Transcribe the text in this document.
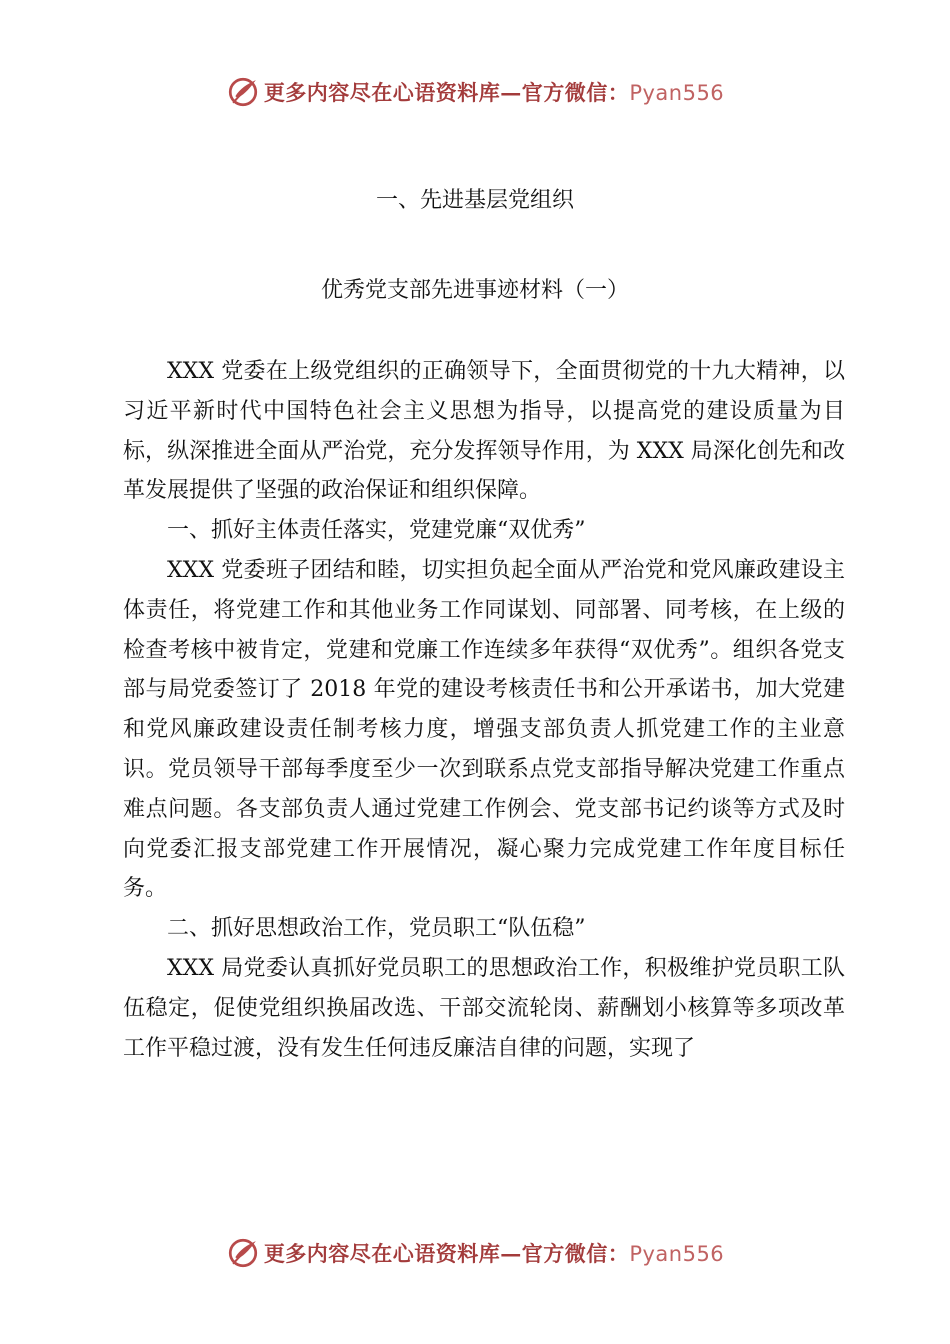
更多内容尽在心语资料库—官方微信：Pyan556
一、先进基层党组织
优秀党支部先进事迹材料（一）

XXX 党委在上级党组织的正确领导下，全面贯彻党的十九大精神，以习近平新时代中国特色社会主义思想为指导，以提高党的建设质量为目标，纵深推进全面从严治党，充分发挥领导作用，为 XXX 局深化创先和改革发展提供了坚强的政治保证和组织保障。

一、抓好主体责任落实，党建党廉“双优秀”

XXX 党委班子团结和睦，切实担负起全面从严治党和党风廉政建设主体责任，将党建工作和其他业务工作同谋划、同部署、同考核，在上级的检查考核中被肯定，党建和党廉工作连续多年获得“双优秀”。组织各党支部与局党委签订了 2018 年党的建设考核责任书和公开承诺书，加大党建和党风廉政建设责任制考核力度，增强支部负责人抓党建工作的主业意识。党员领导干部每季度至少一次到联系点党支部指导解决党建工作重点难点问题。各支部负责人通过党建工作例会、党支部书记约谈等方式及时向党委汇报支部党建工作开展情况，凝心聚力完成党建工作年度目标任务。

二、抓好思想政治工作，党员职工“队伍稳”

XXX 局党委认真抓好党员职工的思想政治工作，积极维护党员职工队伍稳定，促使党组织换届改选、干部交流轮岗、薪酬划小核算等多项改革工作平稳过渡，没有发生任何违反廉洁自律的问题，实现了

更多内容尽在心语资料库—官方微信：Pyan556
